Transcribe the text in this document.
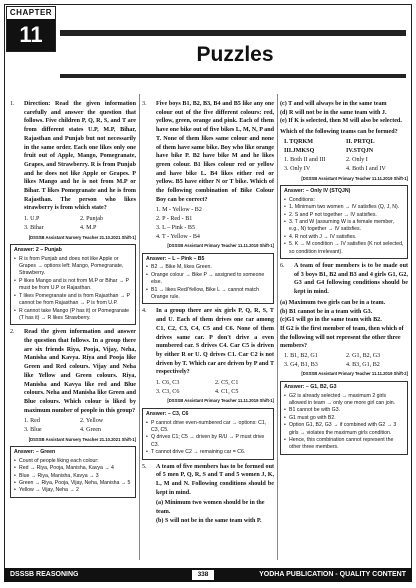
CHAPTER
11
Puzzles
1.	Direction: Read the given information carefully and answer the question that follows. Five children P, Q, R, S, and T are from different states U.P, M.P, Bihar, Rajasthan and Punjab but not necessarily in the same order. Each one likes only one fruit out of Apple, Mango, Pomegranate, Grapes, and Strawberry. R is from Punjab and he does not like Apple or Grapes. P likes Mango and he is not from M.P or Bihar. T likes Pomegranate and he is from Rajasthan. The person who likes strawberry is from which state?
1. U.P	2. Punjab
3. Bihar	4. M.P
[DSSSB Assistant Nursery Teacher 21.10.2021 Shift-1]
Answer: 2 – Punjab
• R is from Punjab and does not like Apple or Grapes → options left: Mango, Pomegranate, Strawberry.
• P likes Mango and is not from M.P or Bihar → P must be from U.P or Rajasthan.
• T likes Pomegranate and is from Rajasthan → P cannot be from Rajasthan → P is from U.P.
• R cannot take Mango (P has it) or Pomegranate (T has it) → R likes Strawberry.
2.	Read the given information and answer the question that follows. In a group there are six friends Riya, Pooja, Vijay, Neha, Manisha and Kavya. Riya and Pooja like Green and Red colours. Vijay and Neha like Yellow and Green colours. Riya, Manisha and Kavya like red and Blue colours. Neha and Manisha like Green and Blue colours. Which colour is liked by maximum number of people in this group?
1. Red	2. Yellow
3. Blue	4. Green
[DSSSB Assistant Nursery Teacher 21.10.2021 Shift-1]
Answer: – Green
• Count of people liking each colour:
• Red → Riya, Pooja, Manisha, Kavya → 4
• Blue → Riya, Manisha, Kavya → 3
• Green → Riya, Pooja, Vijay, Neha, Manisha → 5
• Yellow → Vijay, Neha → 2
3.	Five boys B1, B2, B3, B4 and B5 like any one colour out of the five different colours: red, yellow, green, orange and pink. Each of them have one bike out of five bikes L, M, N, P and T. None of them likes same colour and none of them have same bike. Boy who like orange have bike P. B2 have bike M and he likes green colour. B1 likes colour red or yellow and have bike L. B4 likes either red or yellow. B5 have either N or T bike. Which of the following combination of Bike Colour Boy can be correct?
1. M - Yellow - B2
2. P - Red - B1
3. L – Pink - B5
4. T - Yellow - B4
[DSSSB Assistant Primary Teacher 11.11.2019 Shift-1]
Answer: – L – Pink – B5
• B2 → Bike M, likes Green.
• Orange colour → Bike P → assigned to someone else.
• B1 → likes Red/Yellow, Bike L → cannot match Orange rule.
4.	In a group there are six girls P, Q, R, S, T and U. Each of them drives one car among C1, C2, C3, C4, C5 and C6. None of them drives same car. P don't drive a even numbered car. S drives C4. Car C5 is driven by either R or U. Q drives C1. Car C2 is not driven by T. Which car are driven by P and T respectively?
1. C6, C3	2. C5, C1
3. C3, C6	4. C1, C5
[DSSSB Assistant Primary Teacher 11.11.2019 Shift-1]
Answer: – C3, C6
• P cannot drive even-numbered car → options: C1, C3, C5.
• Q drives C1; C5 → driven by R/U → P must drive C3.
• T cannot drive C2 → remaining car = C6.
5.	A team of five members has to be formed out of 5 men P, Q, R, S and T and 5 women J, K, L, M and N. Following conditions should be kept in mind.
(a) Minimum two women should be in the team.
(b) S will not be in the same team with P.
(c) T and will always be in the same team
(d) R will not be in the same team with J.
(e) If K is selected, then M will also be selected.
Which of the following teams can be formed?
I. TQRKM	II. PRTQL
III.JMKSQ	IV.STQJN
1. Both II and III	2. Only I
3. Only IV	4. Both I and IV
[DSSSB Assistant Primary Teacher 11.11.2019 Shift-1]
Answer: – Only IV (STQJN)
• Conditions:
• 1. Minimum two women → IV satisfies (Q, J, N).
• 2. S and P not together → IV satisfies.
• 3. T and W (assuming W is a female member, e.g., N) together → IV satisfies.
• 4. R not with J → IV satisfies.
• 5. K → M condition → IV satisfies (K not selected, so condition irrelevant).
6.	A team of four members is to be made out of 3 boys B1, B2 and B3 and 4 girls G1, G2, G3 and G4 following conditions should be kept in mind.
(a) Maximum two girls can be in a team.
(b) B1 cannot be in a team with G3.
(c)G1 will go in the same team with B2.
If G2 is the first member of team, then which of the following will not represent the other three members?
1. B1, B2, G1	2. G1, B2, G3
3. G4, B1, B3	4. B3, G1, B2
[DSSSB Assistant Primary Teacher 11.11.2019 Shift-2]
Answer: – G1, B2, G3
• G2 is already selected → maximum 2 girls allowed in team → only one more girl can join.
• B1 cannot be with G3.
• G1 must go with B2.
• Option G1, B2, G3 → if combined with G2 → 3 girls → violates the maximum girls condition.
• Hence, this combination cannot represent the other three members.
DSSSB REASONING	338	YODHA PUBLICATION - QUALITY CONTENT
